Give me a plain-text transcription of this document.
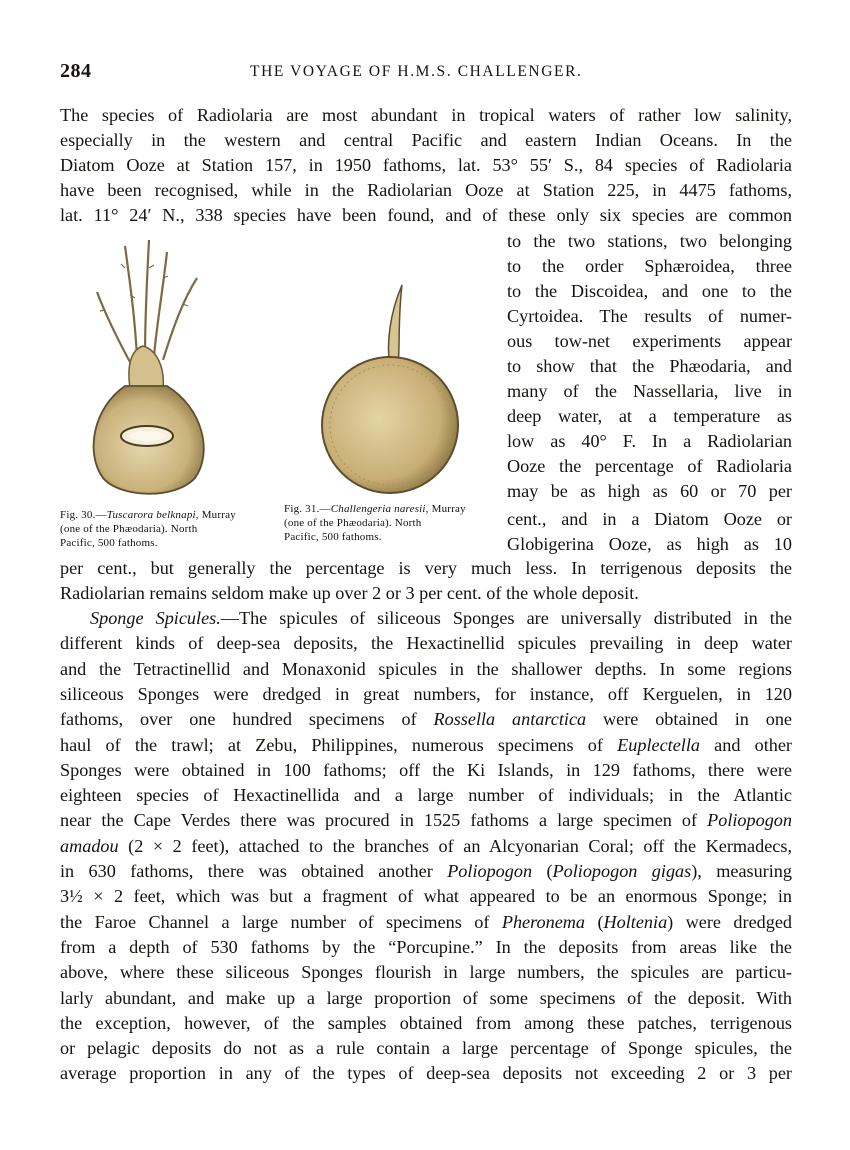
284	THE VOYAGE OF H.M.S. CHALLENGER.
The species of Radiolaria are most abundant in tropical waters of rather low salinity,
especially in the western and central Pacific and eastern Indian Oceans. In the
Diatom Ooze at Station 157, in 1950 fathoms, lat. 53° 55′ S., 84 species of Radiolaria
have been recognised, while in the Radiolarian Ooze at Station 225, in 4475 fathoms,
lat. 11° 24′ N., 338 species have been found, and of these only six species are common
to the two stations, two belonging
to the order Sphæroidea, three
to the Discoidea, and one to the
Cyrtoidea. The results of numer-
ous tow-net experiments appear
to show that the Phæodaria, and
many of the Nassellaria, live in
deep water, at a temperature as
low as 40° F. In a Radiolarian
Ooze the percentage of Radiolaria
may be as high as 60 or 70 per
cent., and in a Diatom Ooze or
Globigerina Ooze, as high as 10
Fig. 30.—Tuscarora belknapi, Murray
(one of the Phæodaria). North
Pacific, 500 fathoms.
Fig. 31.—Challengeria naresii, Murray
(one of the Phæodaria). North
Pacific, 500 fathoms.
per cent., but generally the percentage is very much less. In terrigenous deposits the
Radiolarian remains seldom make up over 2 or 3 per cent. of the whole deposit.
Sponge Spicules.—The spicules of siliceous Sponges are universally distributed in the
different kinds of deep-sea deposits, the Hexactinellid spicules prevailing in deep water
and the Tetractinellid and Monaxonid spicules in the shallower depths. In some regions
siliceous Sponges were dredged in great numbers, for instance, off Kerguelen, in 120
fathoms, over one hundred specimens of Rossella antarctica were obtained in one
haul of the trawl; at Zebu, Philippines, numerous specimens of Euplectella and other
Sponges were obtained in 100 fathoms; off the Ki Islands, in 129 fathoms, there were
eighteen species of Hexactinellida and a large number of individuals; in the Atlantic
near the Cape Verdes there was procured in 1525 fathoms a large specimen of Poliopogon
amadou (2 × 2 feet), attached to the branches of an Alcyonarian Coral; off the Kermadecs,
in 630 fathoms, there was obtained another Poliopogon (Poliopogon gigas), measuring
3½ × 2 feet, which was but a fragment of what appeared to be an enormous Sponge; in
the Faroe Channel a large number of specimens of Pheronema (Holtenia) were dredged
from a depth of 530 fathoms by the “Porcupine.” In the deposits from areas like the
above, where these siliceous Sponges flourish in large numbers, the spicules are particu-
larly abundant, and make up a large proportion of some specimens of the deposit. With
the exception, however, of the samples obtained from among these patches, terrigenous
or pelagic deposits do not as a rule contain a large percentage of Sponge spicules, the
average proportion in any of the types of deep-sea deposits not exceeding 2 or 3 per
